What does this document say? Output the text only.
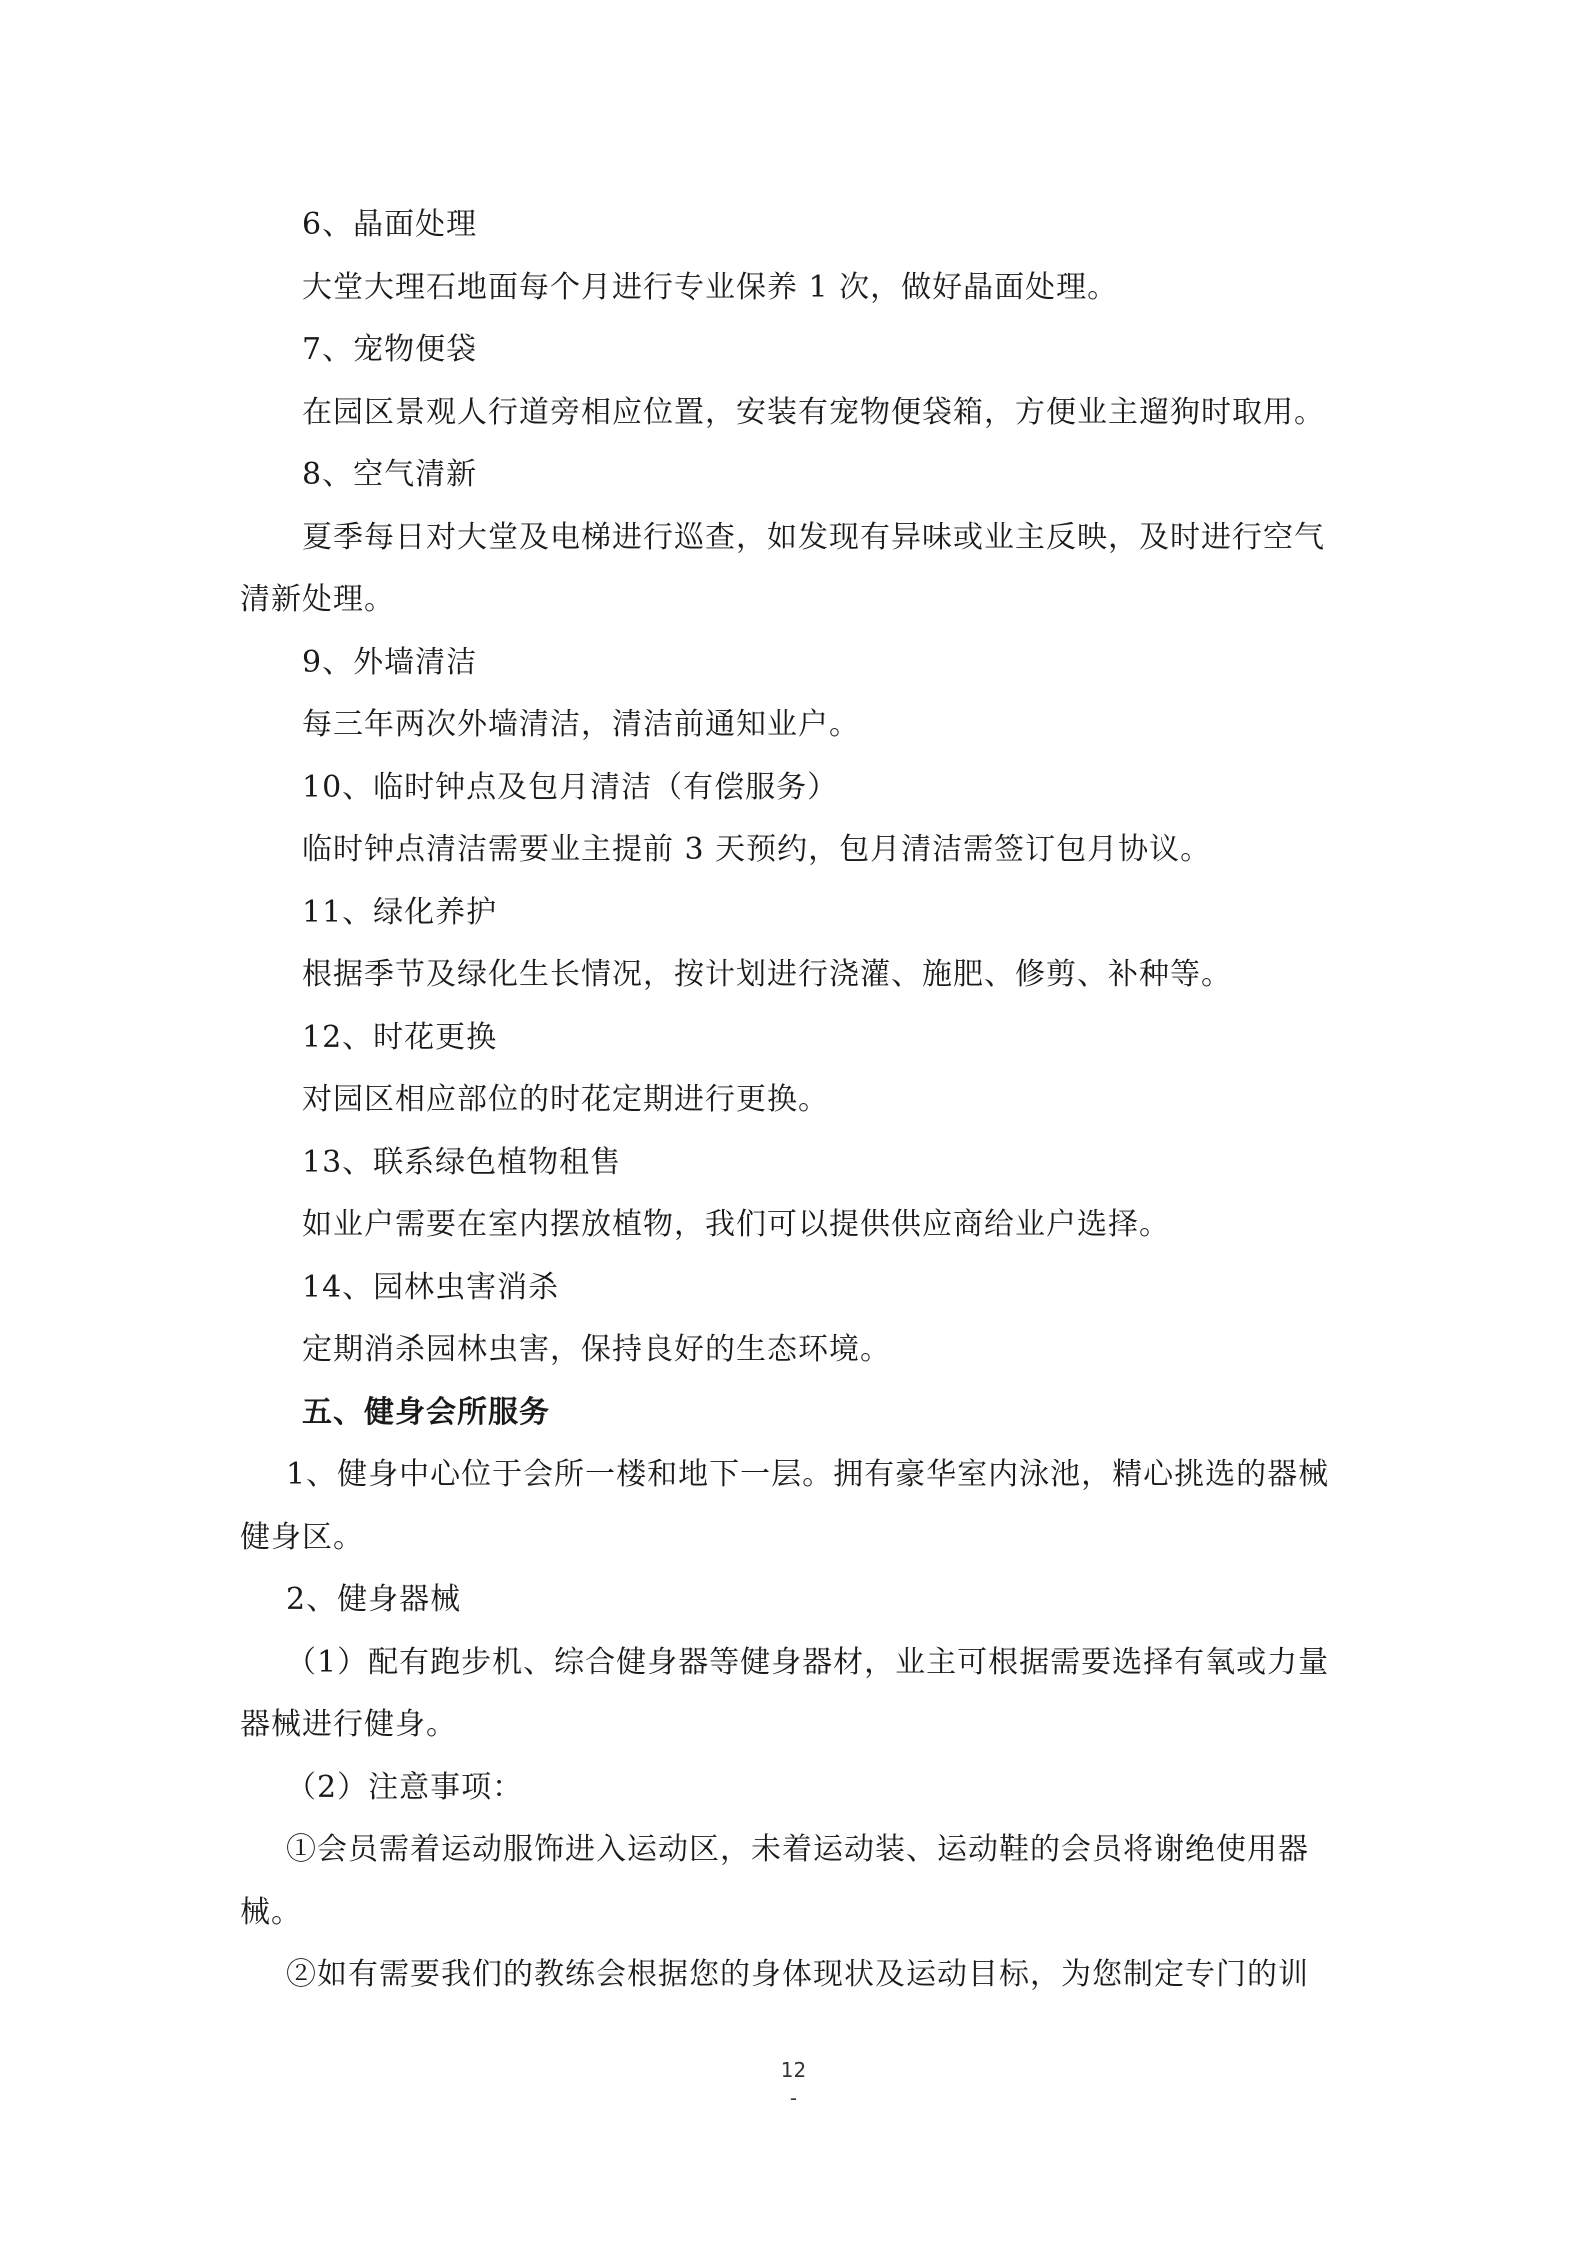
6、晶面处理
大堂大理石地面每个月进行专业保养 1 次，做好晶面处理。
7、宠物便袋
在园区景观人行道旁相应位置，安装有宠物便袋箱，方便业主遛狗时取用。
8、空气清新
夏季每日对大堂及电梯进行巡查，如发现有异味或业主反映，及时进行空气
清新处理。
9、外墙清洁
每三年两次外墙清洁，清洁前通知业户。
10、临时钟点及包月清洁（有偿服务）
临时钟点清洁需要业主提前 3 天预约，包月清洁需签订包月协议。
11、绿化养护
根据季节及绿化生长情况，按计划进行浇灌、施肥、修剪、补种等。
12、时花更换
对园区相应部位的时花定期进行更换。
13、联系绿色植物租售
如业户需要在室内摆放植物，我们可以提供供应商给业户选择。
14、园林虫害消杀
定期消杀园林虫害，保持良好的生态环境。
五、健身会所服务
1、健身中心位于会所一楼和地下一层。拥有豪华室内泳池，精心挑选的器械
健身区。
2、健身器械
（1）配有跑步机、综合健身器等健身器材，业主可根据需要选择有氧或力量
器械进行健身。
（2）注意事项：
①会员需着运动服饰进入运动区，未着运动装、运动鞋的会员将谢绝使用器
械。
②如有需要我们的教练会根据您的身体现状及运动目标，为您制定专门的训
12
-
